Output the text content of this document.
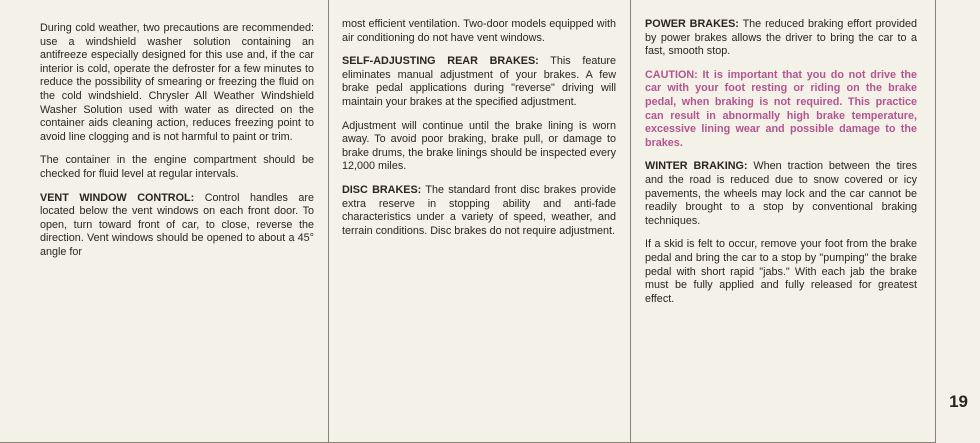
During cold weather, two precautions are recommended: use a windshield washer solution containing an antifreeze especially designed for this use and, if the car interior is cold, operate the defroster for a few minutes to reduce the possibility of smearing or freezing the fluid on the cold windshield. Chrysler All Weather Windshield Washer Solution used with water as directed on the container aids cleaning action, reduces freezing point to avoid line clogging and is not harmful to paint or trim.

The container in the engine compartment should be checked for fluid level at regular intervals.

VENT WINDOW CONTROL: Control handles are located below the vent windows on each front door. To open, turn toward front of car, to close, reverse the direction. Vent windows should be opened to about a 45° angle for

most efficient ventilation. Two-door models equipped with air conditioning do not have vent windows.

SELF-ADJUSTING REAR BRAKES: This feature eliminates manual adjustment of your brakes. A few brake pedal applications during "reverse" driving will maintain your brakes at the specified adjustment.

Adjustment will continue until the brake lining is worn away. To avoid poor braking, brake pull, or damage to brake drums, the brake linings should be inspected every 12,000 miles.

DISC BRAKES: The standard front disc brakes provide extra reserve in stopping ability and anti-fade characteristics under a variety of speed, weather, and terrain conditions. Disc brakes do not require adjustment.

POWER BRAKES: The reduced braking effort provided by power brakes allows the driver to bring the car to a fast, smooth stop.

CAUTION: It is important that you do not drive the car with your foot resting or riding on the brake pedal, when braking is not required. This practice can result in abnormally high brake temperature, excessive lining wear and possible damage to the brakes.

WINTER BRAKING: When traction between the tires and the road is reduced due to snow covered or icy pavements, the wheels may lock and the car cannot be readily brought to a stop by conventional braking techniques.

If a skid is felt to occur, remove your foot from the brake pedal and bring the car to a stop by "pumping" the brake pedal with short rapid "jabs." With each jab the brake must be fully applied and fully released for greatest effect.

19
